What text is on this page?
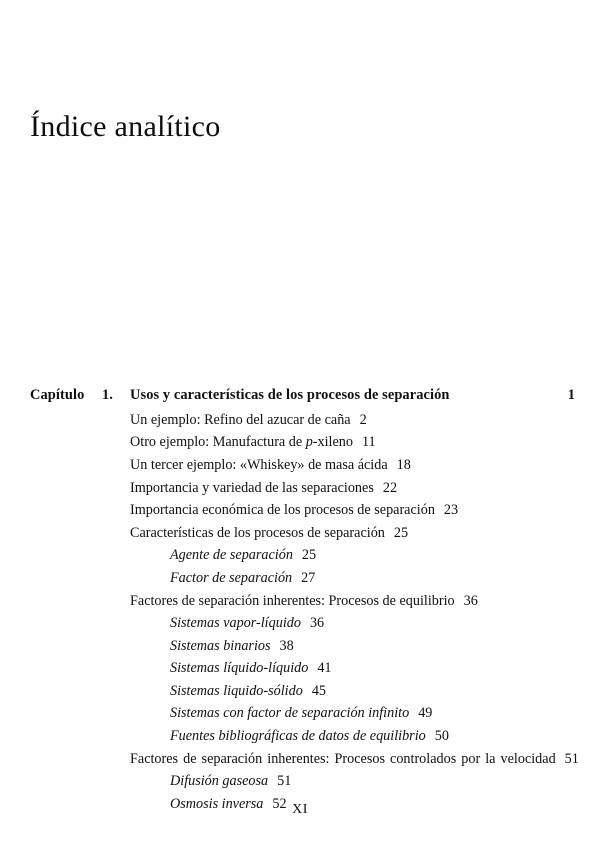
Índice analítico
Capítulo	1.	Usos y características de los procesos de separación	1
Un ejemplo: Refino del azucar de caña 2
Otro ejemplo: Manufactura de p-xileno 11
Un tercer ejemplo: «Whiskey» de masa ácida 18
Importancia y variedad de las separaciones 22
Importancia económica de los procesos de separación 23
Características de los procesos de separación 25
Agente de separación 25
Factor de separación 27
Factores de separación inherentes: Procesos de equilibrio 36
Sistemas vapor-líquido 36
Sistemas binarios 38
Sistemas líquido-líquido 41
Sistemas liquido-sólido 45
Sistemas con factor de separación infinito 49
Fuentes bibliográficas de datos de equilibrio 50
Factores de separación inherentes: Procesos controlados por la velocidad 51
Difusión gaseosa 51
Osmosis inversa 52 XI
